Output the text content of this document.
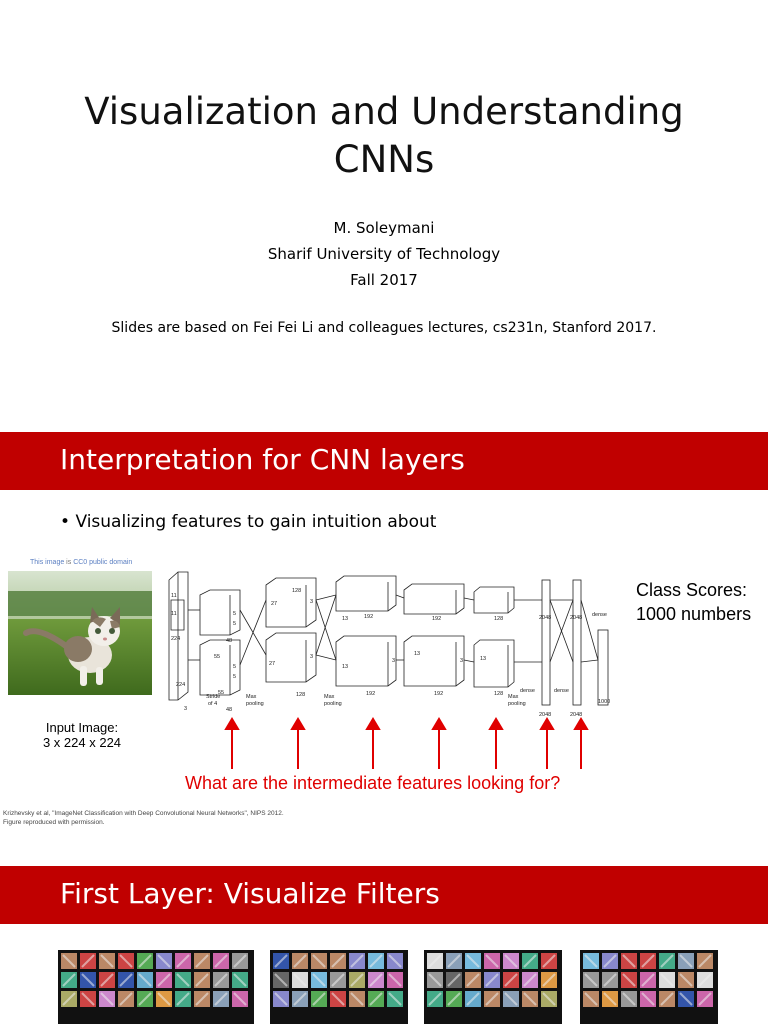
Visualization and Understanding
CNNs
M. Soleymani
Sharif University of Technology
Fall 2017
Slides are based on Fei Fei Li and colleagues lectures, cs231n, Stanford 2017.
Interpretation for CNN layers
• Visualizing features to gain intuition about
This image is CC0 public domain
Input Image:
3 x 224 x 224
224
224
11
11
3
48
48
55
55
5
5
5
5
27
27
128
128
3
3
3	3
13
13
13
13
192
192
192
192
128
128
2048
2048
2048
2048
dense	dense
dense
1000
Stride
of 4
Max
pooling
Max
pooling
Max
pooling
Class Scores:
1000 numbers
What are the intermediate features looking for?
Krizhevsky et al, "ImageNet Classification with Deep Convolutional Neural Networks", NIPS 2012.
Figure reproduced with permission.
First Layer: Visualize Filters
